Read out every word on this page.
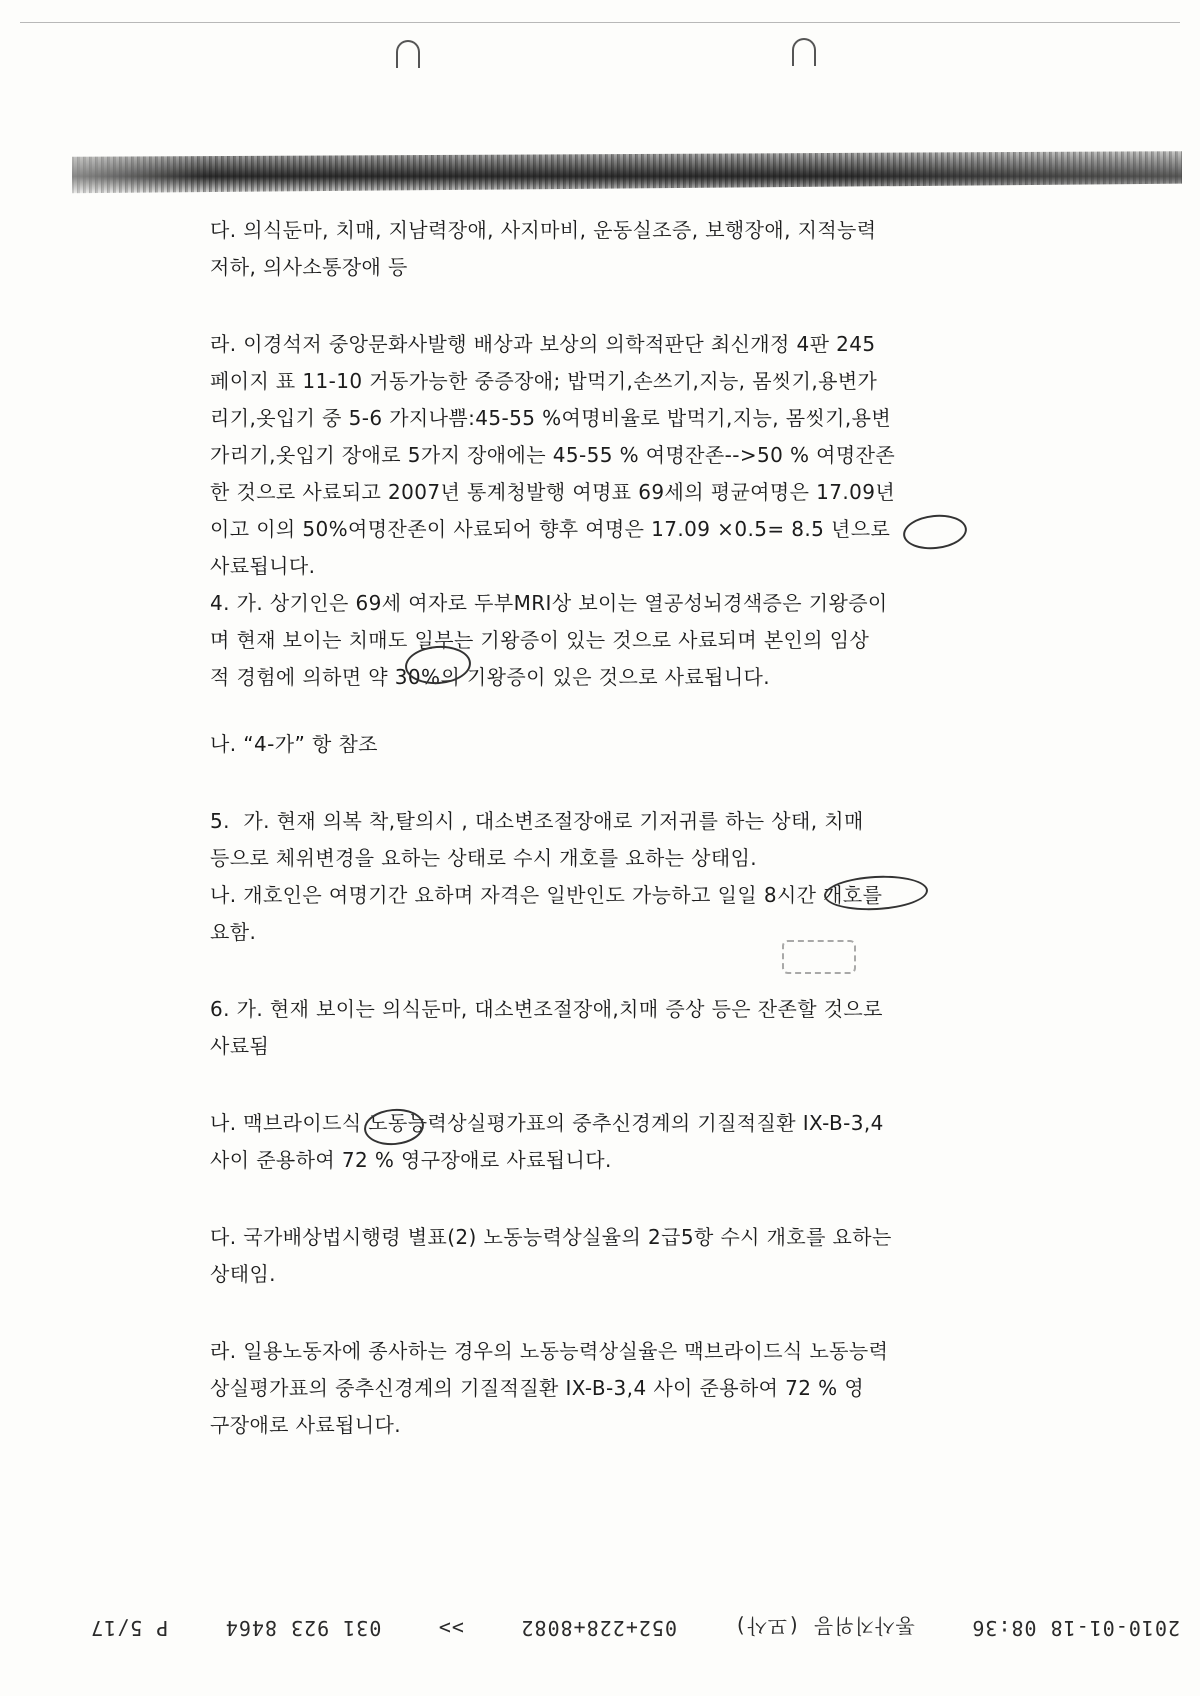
다. 의식둔마, 치매, 지남력장애, 사지마비, 운동실조증, 보행장애, 지적능력
저하, 의사소통장애 등

라. 이경석저 중앙문화사발행 배상과 보상의 의학적판단 최신개정 4판 245
페이지 표 11-10 거동가능한 중증장애; 밥먹기,손쓰기,지능, 몸씻기,용변가
리기,옷입기 중 5-6 가지나쁨:45-55 %여명비율로 밥먹기,지능, 몸씻기,용변
가리기,옷입기 장애로 5가지 장애에는 45-55 % 여명잔존-->50 % 여명잔존
한 것으로 사료되고 2007년 통계청발행 여명표 69세의 평균여명은 17.09년
이고 이의 50%여명잔존이 사료되어 향후 여명은 17.09 ×0.5= 8.5 년으로
사료됩니다.

4. 가. 상기인은 69세 여자로 두부MRI상 보이는 열공성뇌경색증은 기왕증이
며 현재 보이는 치매도 일부는 기왕증이 있는 것으로 사료되며 본인의 임상
적 경험에 의하면 약 30%의 기왕증이 있은 것으로 사료됩니다.

나. “4-가” 항 참조

5.  가. 현재 의복 착,탈의시 , 대소변조절장애로 기저귀를 하는 상태, 치매
등으로 체위변경을 요하는 상태로 수시 개호를 요하는 상태임.

나. 개호인은 여명기간 요하며 자격은 일반인도 가능하고 일일 8시간 개호를
요함.

6. 가. 현재 보이는 의식둔마, 대소변조절장애,치매 증상 등은 잔존할 것으로
사료됨

나. 맥브라이드식 노동능력상실평가표의 중추신경계의 기질적질환 IX-B-3,4
사이 준용하여 72 % 영구장애로 사료됩니다.

다. 국가배상법시행령 별표(2) 노동능력상실율의 2급5항 수시 개호를 요하는
상태임.

라. 일용노동자에 종사하는 경우의 노동능력상실율은 맥브라이드식 노동능력
상실평가표의 중추신경계의 기질적질환 IX-B-3,4 사이 준용하여 72 % 영
구장애로 사료됩니다.

2010-01-18 08:36
통사지위믕 (모사)
052+228+8082
>>
031 923 8464
P 5/17
